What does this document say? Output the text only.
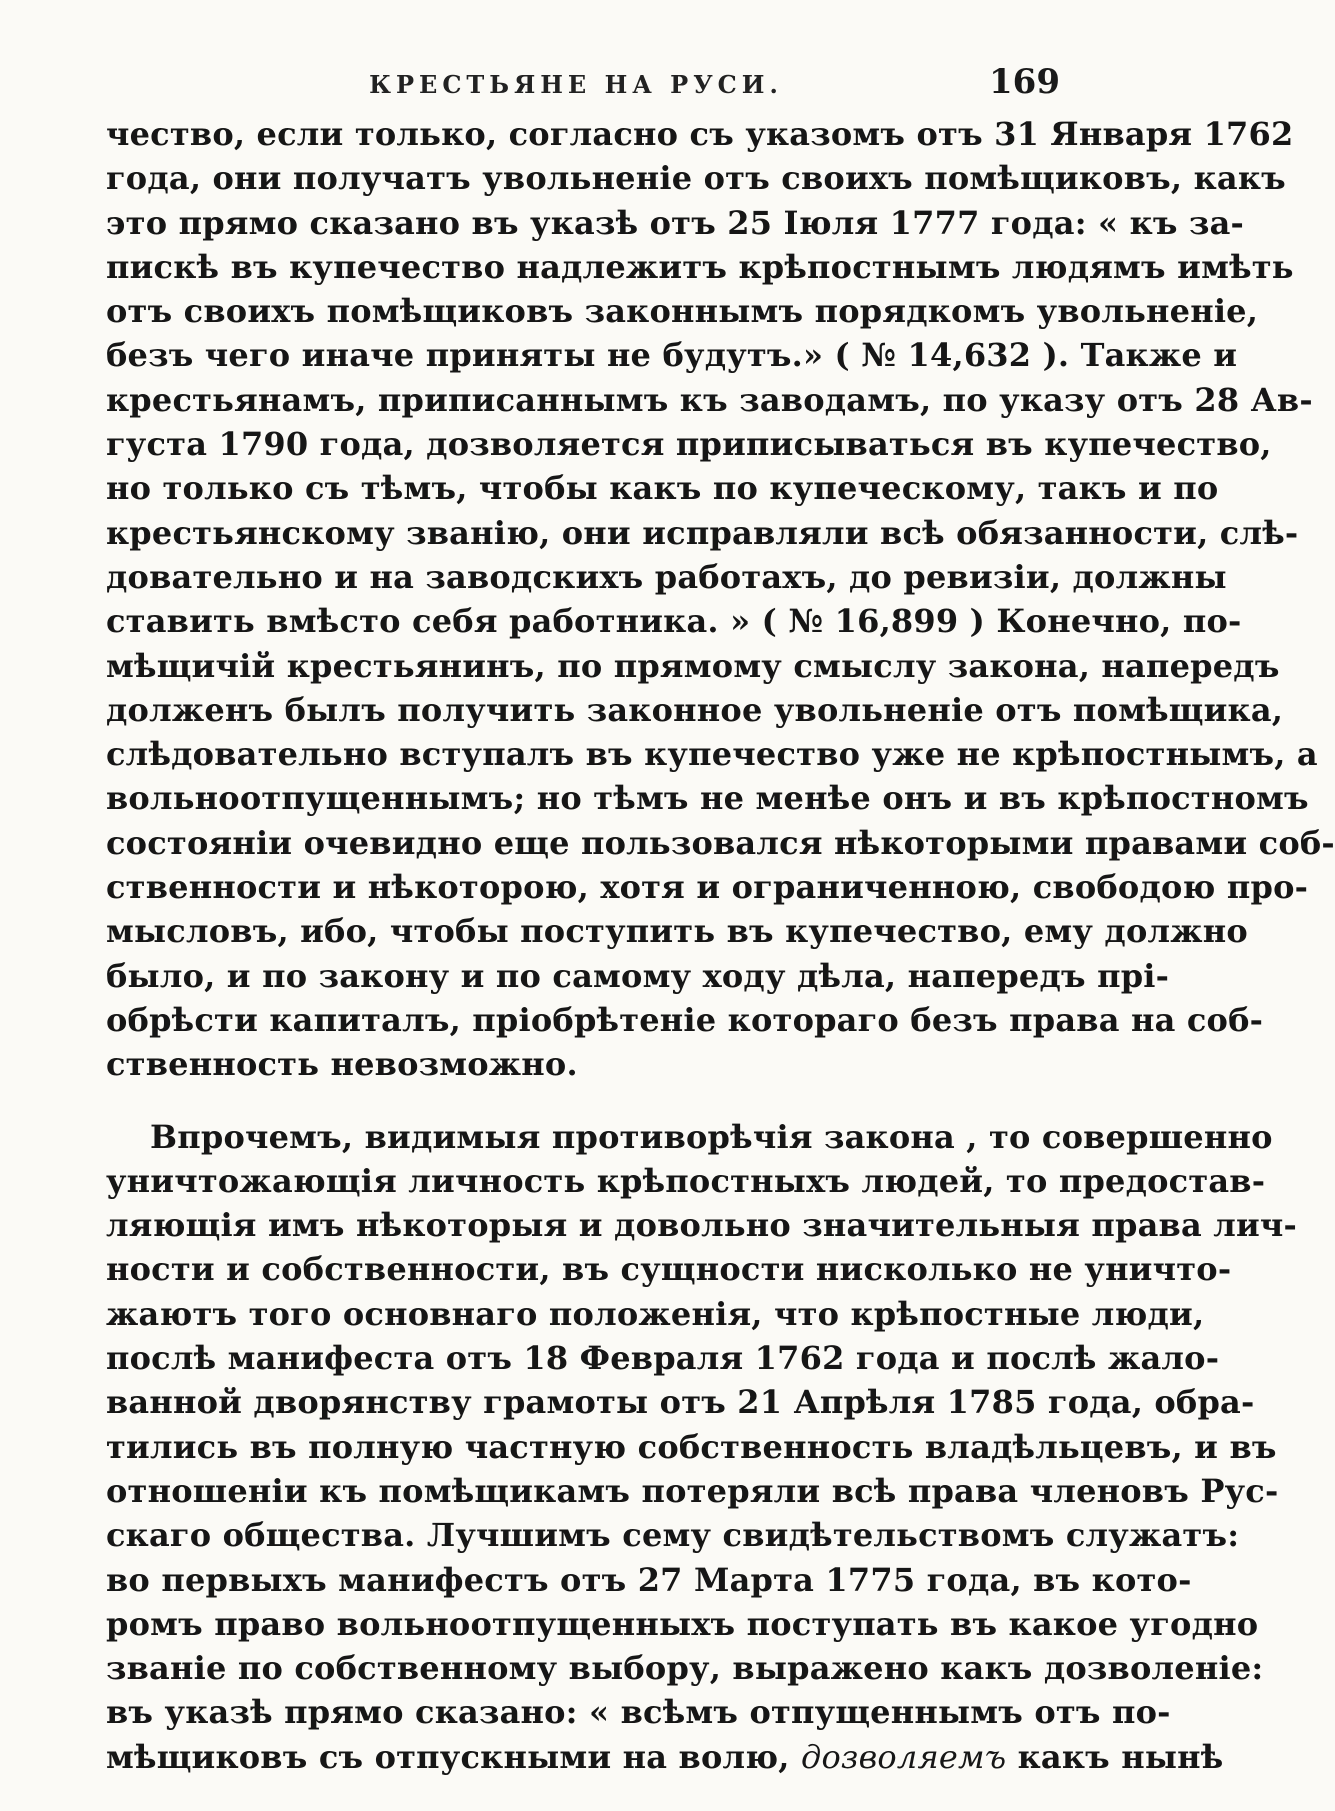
КРЕСТЬЯНЕ НА РУСИ.	169
чество, если только, согласно съ указомъ отъ 31 Января 1762
года, они получатъ увольненіе отъ своихъ помѣщиковъ, какъ
это прямо сказано въ указѣ отъ 25 Іюля 1777 года: « къ за-
пискѣ въ купечество надлежитъ крѣпостнымъ людямъ имѣть
отъ своихъ помѣщиковъ законнымъ порядкомъ увольненіе,
безъ чего иначе приняты не будутъ.» ( № 14,632 ). Также и
крестьянамъ, приписаннымъ къ заводамъ, по указу отъ 28 Ав-
густа 1790 года, дозволяется приписываться въ купечество,
но только съ тѣмъ, чтобы какъ по купеческому, такъ и по
крестьянскому званію, они исправляли всѣ обязанности, слѣ-
довательно и на заводскихъ работахъ, до ревизіи, должны
ставить вмѣсто себя работника. » ( № 16,899 ) Конечно, по-
мѣщичій крестьянинъ, по прямому смыслу закона, напередъ
долженъ былъ получить законное увольненіе отъ помѣщика,
слѣдовательно вступалъ въ купечество уже не крѣпостнымъ, а
вольноотпущеннымъ; но тѣмъ не менѣе онъ и въ крѣпостномъ
состояніи очевидно еще пользовался нѣкоторыми правами соб-
ственности и нѣкоторою, хотя и ограниченною, свободою про-
мысловъ, ибо, чтобы поступить въ купечество, ему должно
было, и по закону и по самому ходу дѣла, напередъ прі-
обрѣсти капиталъ, пріобрѣтеніе котораго безъ права на соб-
ственность невозможно.
Впрочемъ, видимыя противорѣчія закона , то совершенно
уничтожающія личность крѣпостныхъ людей, то предостав-
ляющія имъ нѣкоторыя и довольно значительныя права лич-
ности и собственности, въ сущности нисколько не уничто-
жаютъ того основнаго положенія, что крѣпостные люди,
послѣ манифеста отъ 18 Февраля 1762 года и послѣ жало-
ванной дворянству грамоты отъ 21 Апрѣля 1785 года, обра-
тились въ полную частную собственность владѣльцевъ, и въ
отношеніи къ помѣщикамъ потеряли всѣ права членовъ Рус-
скаго общества. Лучшимъ сему свидѣтельствомъ служатъ:
во первыхъ манифестъ отъ 27 Марта 1775 года, въ кото-
ромъ право вольноотпущенныхъ поступать въ какое угодно
званіе по собственному выбору, выражено какъ дозволеніе:
въ указѣ прямо сказано: « всѣмъ отпущеннымъ отъ по-
мѣщиковъ съ отпускными на волю, дозволяемъ какъ нынѣ
